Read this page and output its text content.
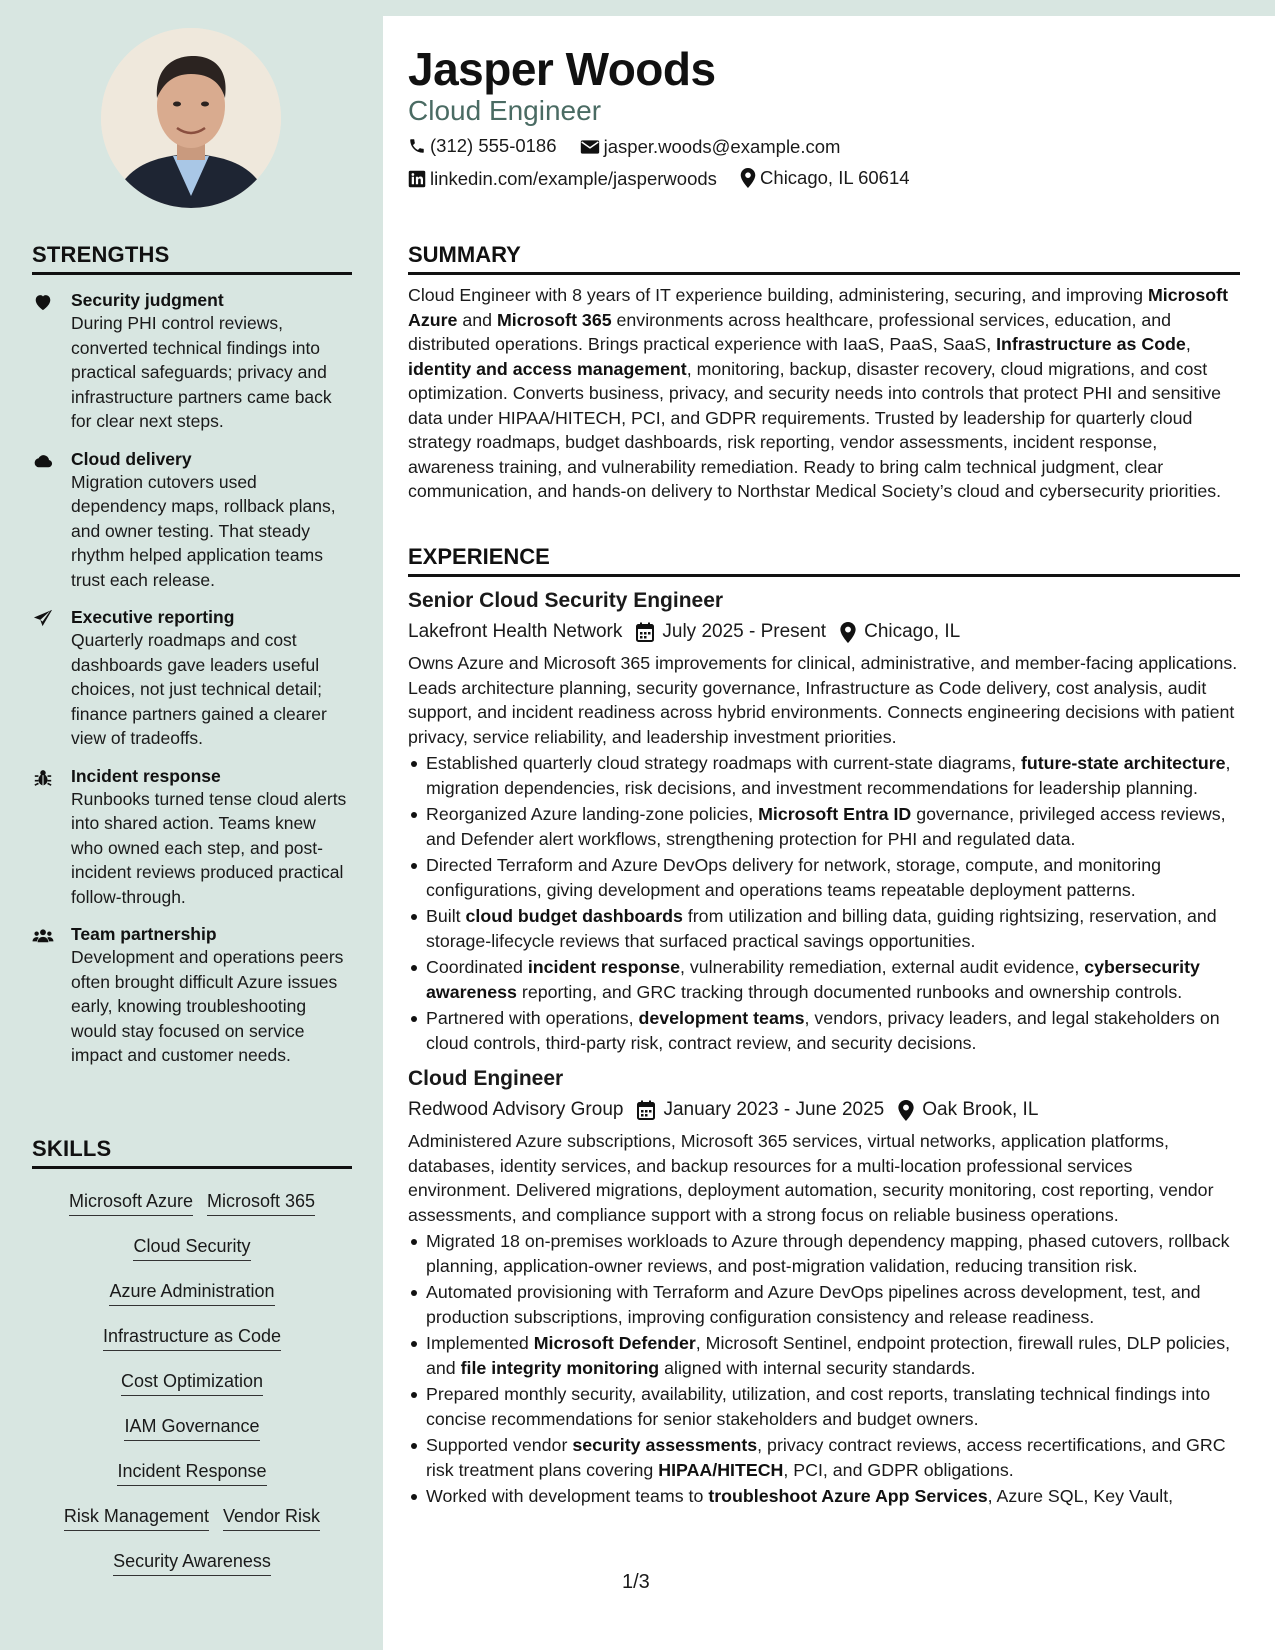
Jasper Woods
Cloud Engineer
(312) 555-0186
	jasper.woods@example.com
linkedin.com/example/jasperwoods
Chicago, IL 60614
STRENGTHS
Security judgment
During PHI control reviews, converted technical findings into practical safeguards; privacy and infrastructure partners came back for clear next steps.
Cloud delivery
Migration cutovers used dependency maps, rollback plans, and owner testing. That steady rhythm helped application teams trust each release.
Executive reporting
Quarterly roadmaps and cost dashboards gave leaders useful choices, not just technical detail; finance partners gained a clearer view of tradeoffs.
Incident response
Runbooks turned tense cloud alerts into shared action. Teams knew who owned each step, and post-incident reviews produced practical follow-through.
Team partnership
Development and operations peers often brought difficult Azure issues early, knowing troubleshooting would stay focused on service impact and customer needs.
SKILLS
Microsoft Azure Microsoft 365
Cloud Security
Azure Administration
Infrastructure as Code
Cost Optimization
IAM Governance
Incident Response
Risk Management Vendor Risk
Security Awareness
SUMMARY
Cloud Engineer with 8 years of IT experience building, administering, securing, and improving Microsoft Azure and Microsoft 365 environments across healthcare, professional services, education, and distributed operations. Brings practical experience with IaaS, PaaS, SaaS, Infrastructure as Code, identity and access management, monitoring, backup, disaster recovery, cloud migrations, and cost optimization. Converts business, privacy, and security needs into controls that protect PHI and sensitive data under HIPAA/HITECH, PCI, and GDPR requirements. Trusted by leadership for quarterly cloud strategy roadmaps, budget dashboards, risk reporting, vendor assessments, incident response, awareness training, and vulnerability remediation. Ready to bring calm technical judgment, clear communication, and hands-on delivery to Northstar Medical Society’s cloud and cybersecurity priorities.
EXPERIENCE
Senior Cloud Security Engineer
Lakefront Health Network July 2025 - Present Chicago, IL
Owns Azure and Microsoft 365 improvements for clinical, administrative, and member-facing applications. Leads architecture planning, security governance, Infrastructure as Code delivery, cost analysis, audit support, and incident readiness across hybrid environments. Connects engineering decisions with patient privacy, service reliability, and leadership investment priorities.
Established quarterly cloud strategy roadmaps with current-state diagrams, future-state architecture, migration dependencies, risk decisions, and investment recommendations for leadership planning.
Reorganized Azure landing-zone policies, Microsoft Entra ID governance, privileged access reviews, and Defender alert workflows, strengthening protection for PHI and regulated data.
Directed Terraform and Azure DevOps delivery for network, storage, compute, and monitoring configurations, giving development and operations teams repeatable deployment patterns.
Built cloud budget dashboards from utilization and billing data, guiding rightsizing, reservation, and storage-lifecycle reviews that surfaced practical savings opportunities.
Coordinated incident response, vulnerability remediation, external audit evidence, cybersecurity awareness reporting, and GRC tracking through documented runbooks and ownership controls.
Partnered with operations, development teams, vendors, privacy leaders, and legal stakeholders on cloud controls, third-party risk, contract review, and security decisions.
Cloud Engineer
Redwood Advisory Group January 2023 - June 2025 Oak Brook, IL
Administered Azure subscriptions, Microsoft 365 services, virtual networks, application platforms, databases, identity services, and backup resources for a multi-location professional services environment. Delivered migrations, deployment automation, security monitoring, cost reporting, vendor assessments, and compliance support with a strong focus on reliable business operations.
Migrated 18 on-premises workloads to Azure through dependency mapping, phased cutovers, rollback planning, application-owner reviews, and post-migration validation, reducing transition risk.
Automated provisioning with Terraform and Azure DevOps pipelines across development, test, and production subscriptions, improving configuration consistency and release readiness.
Implemented Microsoft Defender, Microsoft Sentinel, endpoint protection, firewall rules, DLP policies, and file integrity monitoring aligned with internal security standards.
Prepared monthly security, availability, utilization, and cost reports, translating technical findings into concise recommendations for senior stakeholders and budget owners.
Supported vendor security assessments, privacy contract reviews, access recertifications, and GRC risk treatment plans covering HIPAA/HITECH, PCI, and GDPR obligations.
Worked with development teams to troubleshoot Azure App Services, Azure SQL, Key Vault,
1/3
